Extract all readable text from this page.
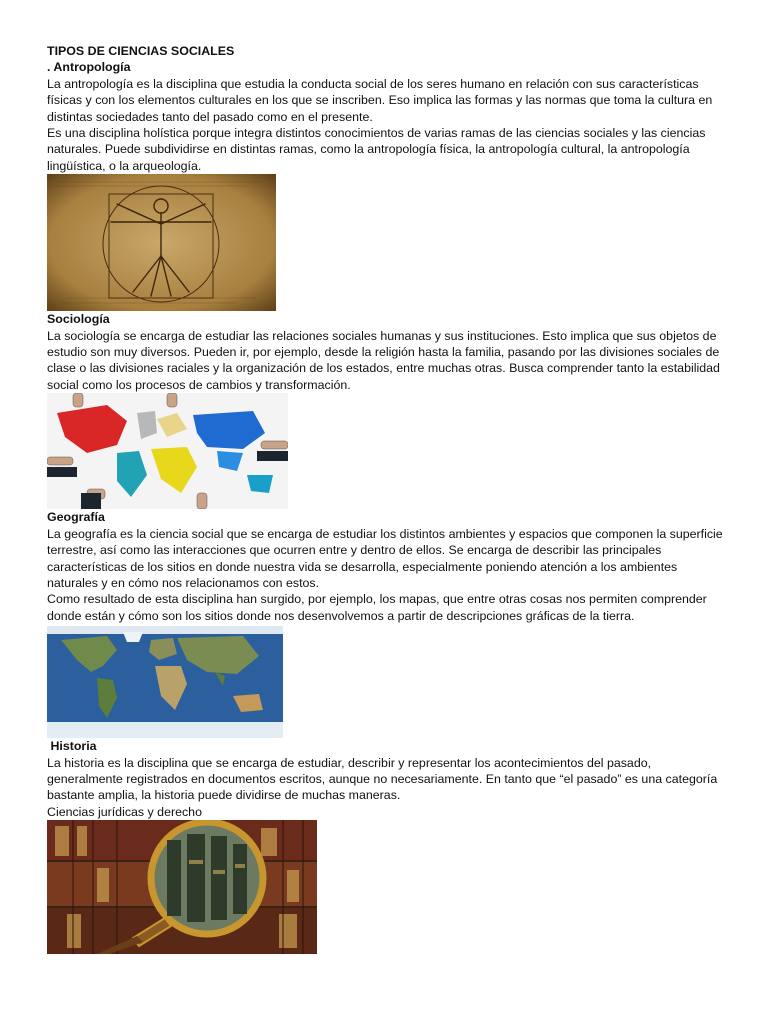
TIPOS DE CIENCIAS SOCIALES

. Antropología

La antropología es la disciplina que estudia la conducta social de los seres humano en relación con sus características físicas y con los elementos culturales en los que se inscriben. Eso implica las formas y las normas que toma la cultura en distintas sociedades tanto del pasado como en el presente.

Es una disciplina holística porque integra distintos conocimientos de varias ramas de las ciencias sociales y las ciencias naturales. Puede subdividirse en distintas ramas, como la antropología física, la antropología cultural, la antropología lingüística, o la arqueología.

Sociología

La sociología se encarga de estudiar las relaciones sociales humanas y sus instituciones. Esto implica que sus objetos de estudio son muy diversos. Pueden ir, por ejemplo, desde la religión hasta la familia, pasando por las divisiones sociales de clase o las divisiones raciales y la organización de los estados, entre muchas otras. Busca comprender tanto la estabilidad social como los procesos de cambios y transformación.

Geografía

La geografía es la ciencia social que se encarga de estudiar los distintos ambientes y espacios que componen la superficie terrestre, así como las interacciones que ocurren entre y dentro de ellos. Se encarga de describir las principales características de los sitios en donde nuestra vida se desarrolla, especialmente poniendo atención a los ambientes naturales y en cómo nos relacionamos con estos.

Como resultado de esta disciplina han surgido, por ejemplo, los mapas, que entre otras cosas nos permiten comprender donde están y cómo son los sitios donde nos desenvolvemos a partir de descripciones gráficas de la tierra.

Historia

La historia es la disciplina que se encarga de estudiar, describir y representar los acontecimientos del pasado, generalmente registrados en documentos escritos, aunque no necesariamente. En tanto que “el pasado” es una categoría bastante amplia, la historia puede dividirse de muchas maneras.

Ciencias jurídicas y derecho
